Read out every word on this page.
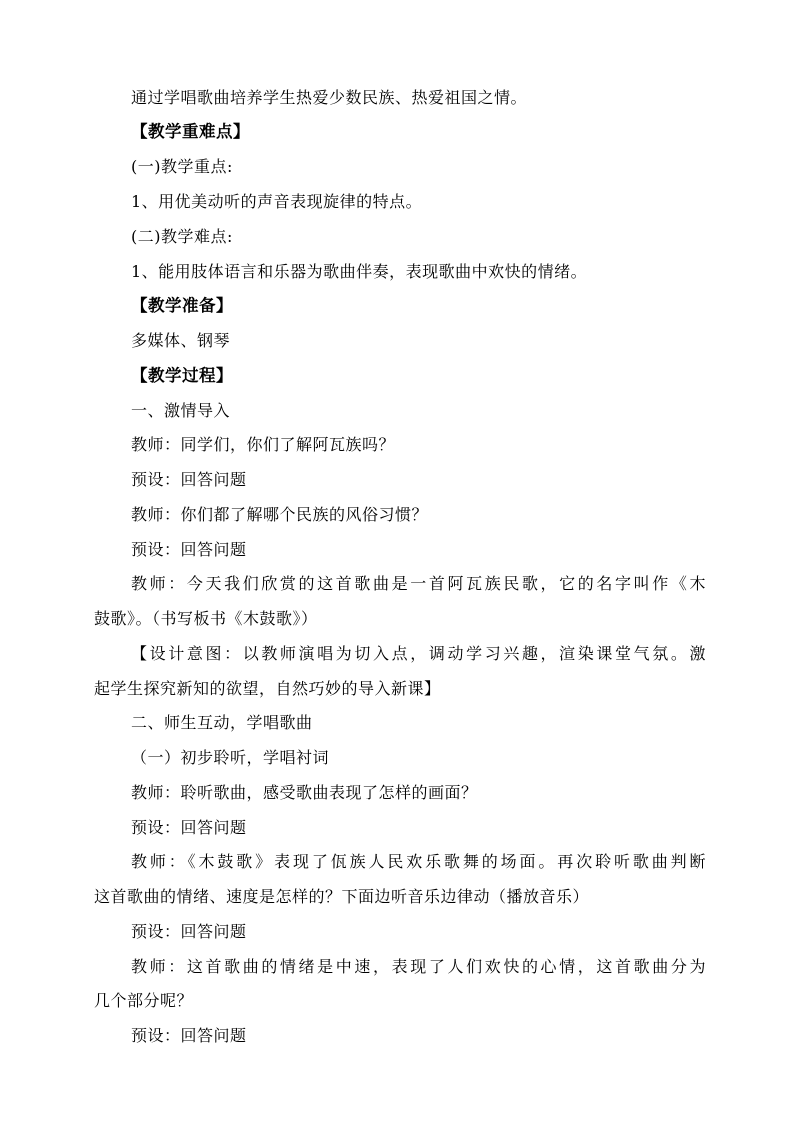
通过学唱歌曲培养学生热爱少数民族、热爱祖国之情。
【教学重难点】
(一)教学重点:
1、用优美动听的声音表现旋律的特点。
(二)教学难点:
1、能用肢体语言和乐器为歌曲伴奏，表现歌曲中欢快的情绪。
【教学准备】
多媒体、钢琴
【教学过程】
一、激情导入
教师：同学们，你们了解阿瓦族吗？
预设：回答问题
教师：你们都了解哪个民族的风俗习惯？
预设：回答问题
教师：今天我们欣赏的这首歌曲是一首阿瓦族民歌，它的名字叫作《木
鼓歌》。（书写板书《木鼓歌》）
【设计意图：以教师演唱为切入点，调动学习兴趣，渲染课堂气氛。激
起学生探究新知的欲望，自然巧妙的导入新课】
二、师生互动，学唱歌曲
（一）初步聆听，学唱衬词
教师：聆听歌曲，感受歌曲表现了怎样的画面？
预设：回答问题
教师：《木鼓歌》表现了佤族人民欢乐歌舞的场面。再次聆听歌曲判断
这首歌曲的情绪、速度是怎样的？下面边听音乐边律动（播放音乐）
预设：回答问题
教师：这首歌曲的情绪是中速，表现了人们欢快的心情，这首歌曲分为
几个部分呢？
预设：回答问题
